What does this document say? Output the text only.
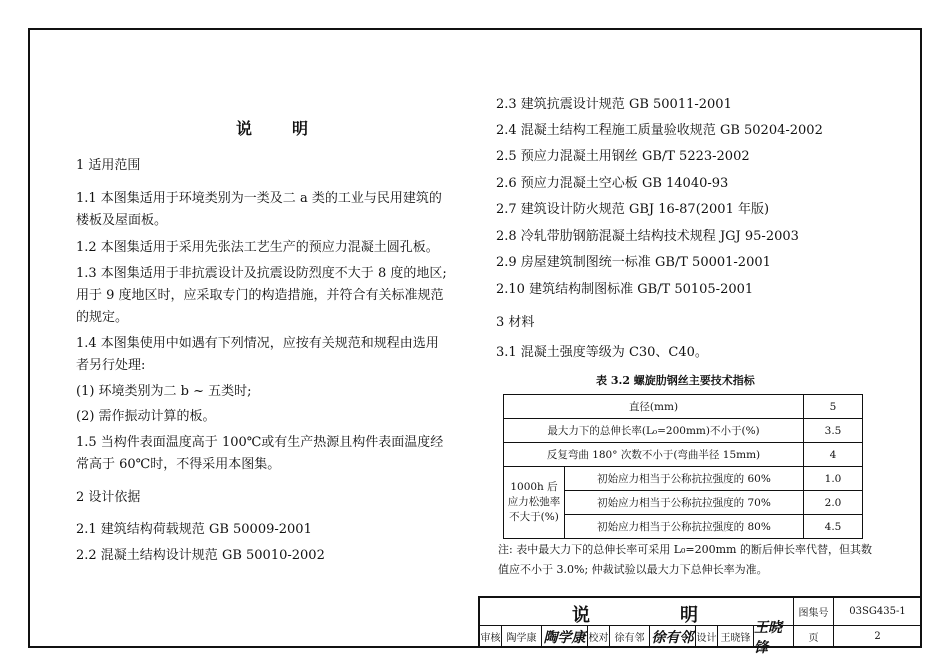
说　明
1 适用范围
1.1 本图集适用于环境类别为一类及二 a 类的工业与民用建筑的楼板及屋面板。
1.2 本图集适用于采用先张法工艺生产的预应力混凝土圆孔板。
1.3 本图集适用于非抗震设计及抗震设防烈度不大于 8 度的地区;用于 9 度地区时，应采取专门的构造措施，并符合有关标准规范的规定。
1.4 本图集使用中如遇有下列情况，应按有关规范和规程由选用者另行处理:
(1) 环境类别为二 b ~ 五类时;
(2) 需作振动计算的板。
1.5 当构件表面温度高于 100℃或有生产热源且构件表面温度经常高于 60℃时，不得采用本图集。
2 设计依据
2.1 建筑结构荷载规范 GB 50009-2001
2.2 混凝土结构设计规范 GB 50010-2002
2.3 建筑抗震设计规范 GB 50011-2001
2.4 混凝土结构工程施工质量验收规范 GB 50204-2002
2.5 预应力混凝土用钢丝 GB/T 5223-2002
2.6 预应力混凝土空心板 GB 14040-93
2.7 建筑设计防火规范 GBJ 16-87(2001 年版)
2.8 冷轧带肋钢筋混凝土结构技术规程 JGJ 95-2003
2.9 房屋建筑制图统一标准 GB/T 50001-2001
2.10 建筑结构制图标准 GB/T 50105-2001
3 材料
3.1 混凝土强度等级为 C30、C40。
表 3.2 螺旋肋钢丝主要技术指标
直径(mm)		5
最大力下的总伸长率(L₀=200mm)不小于(%)		3.5
反复弯曲 180° 次数不小于(弯曲半径 15mm)		4
1000h 后应力松弛率不大于(%)	初始应力相当于公称抗拉强度的 60%	1.0
	初始应力相当于公称抗拉强度的 70%	2.0
	初始应力相当于公称抗拉强度的 80%	4.5
注: 表中最大力下的总伸长率可采用 L₀=200mm 的断后伸长率代替，但其数值应不小于 3.0%; 仲裁试验以最大力下总伸长率为准。
说	明	图集号	03SG435-1
审核 陶学康 陶学康 校对 徐有邻 徐有邻 设计 王晓锋
王晓锋
页	2
